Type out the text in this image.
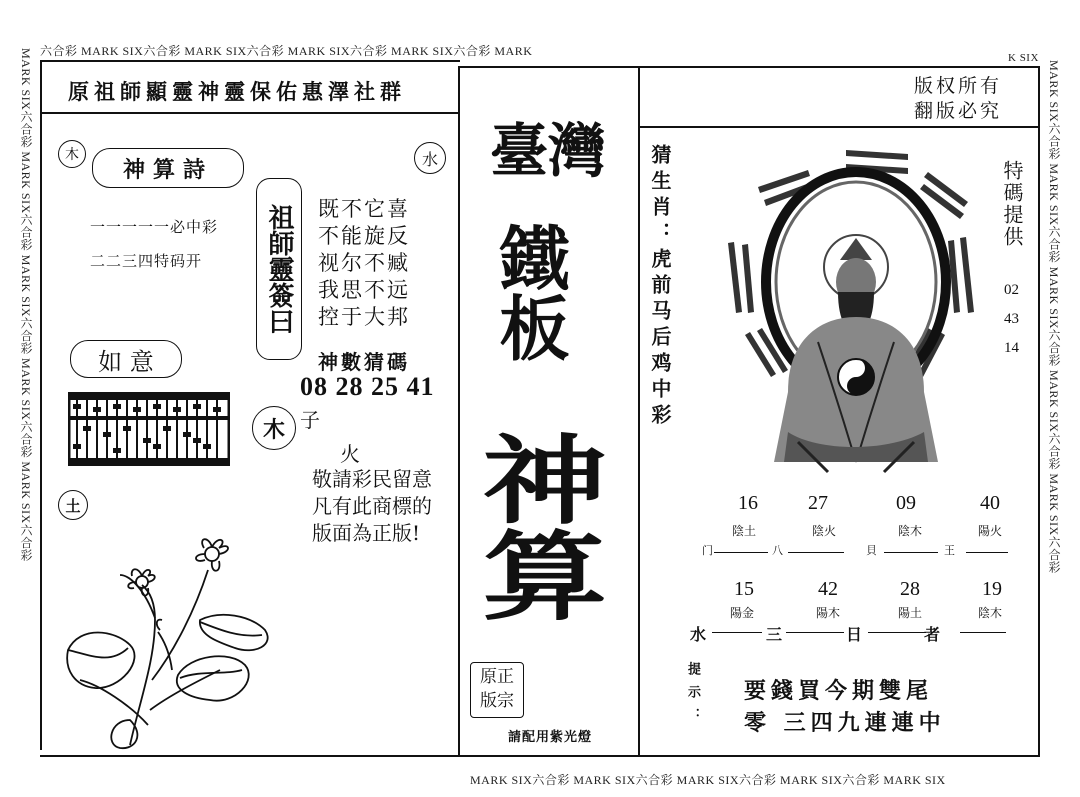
六合彩 MARK SIX六合彩 MARK SIX六合彩 MARK SIX六合彩 MARK SIX六合彩 MARK
MARK SIX六合彩 MARK SIX六合彩 MARK SIX六合彩 MARK SIX六合彩 MARK SIX
MARK SIX六合彩 MARK SIX六合彩 MARK SIX六合彩 MARK SIX六合彩 MARK SIX六合彩	MARK SIX六合彩 MARK SIX六合彩 MARK SIX六合彩 MARK SIX六合彩 MARK SIX六合彩
K SIX
原祖師顯靈神靈保佑惠澤社群
木	水
神算詩
一一一一一必中彩
二二三四特码开	祖師靈簽曰	既不它喜
不能旋反
视尔不臧
我思不远
控于大邦
神數猜碼
08 28 25 41
如 意
木 子
火
敬請彩民留意
凡有此商標的
版面為正版!
土
臺灣
鐵板
神算
原正
版宗
請配用紫光燈
版权所有
翻版必究
猜生肖：虎前马后鸡中彩	特碼提供
02
43
14
16	27	09	40
陰土	陰火	陰木	陽火
门	八	貝	王
15	42	28	19
陽金	陽木	陽土	陰木
水	三	日	者
提示： 要錢買今期雙尾
零 三四九連連中
